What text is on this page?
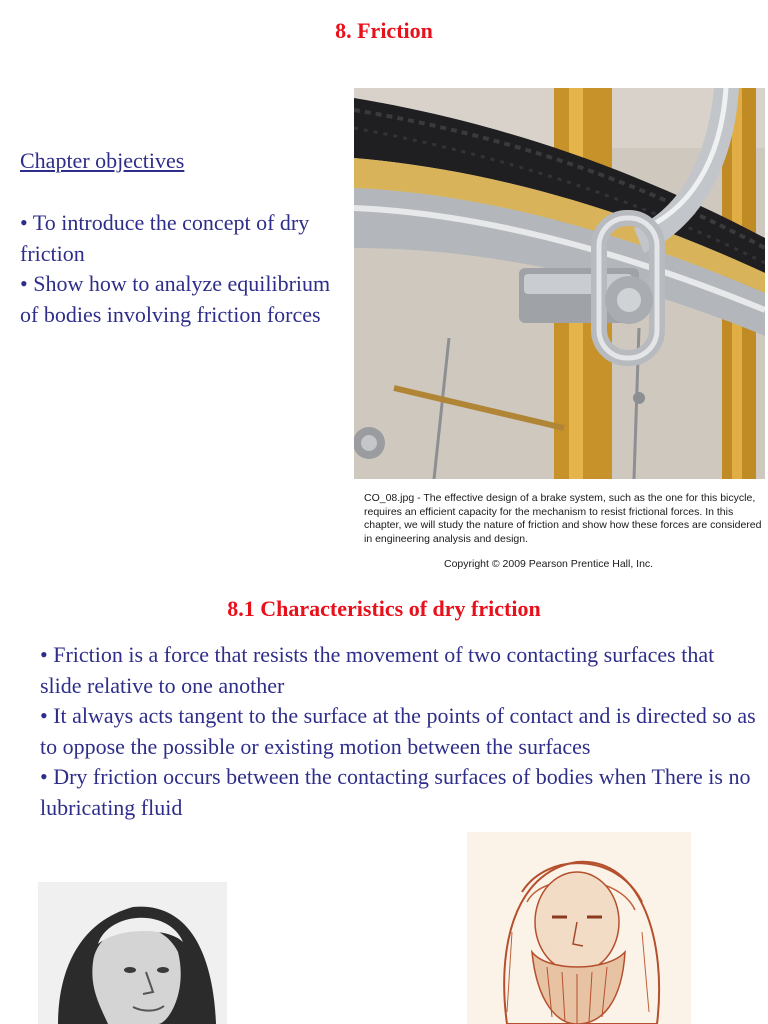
8. Friction
Chapter objectives
• To introduce the concept of dry friction
• Show how to analyze equilibrium of bodies involving friction forces
CO_08.jpg - The effective design of a brake system, such as the one for this bicycle, requires an efficient capacity for the mechanism to resist frictional forces. In this chapter, we will study the nature of friction and show how these forces are considered in engineering analysis and design.
Copyright © 2009 Pearson Prentice Hall, Inc.
8.1 Characteristics of dry friction
• Friction is a force that resists the movement of two contacting surfaces that slide relative to one another
• It always acts tangent to the surface at the points of contact and is directed so as to oppose the possible or existing motion between the surfaces
• Dry friction occurs between the contacting surfaces of bodies when There is no lubricating fluid
